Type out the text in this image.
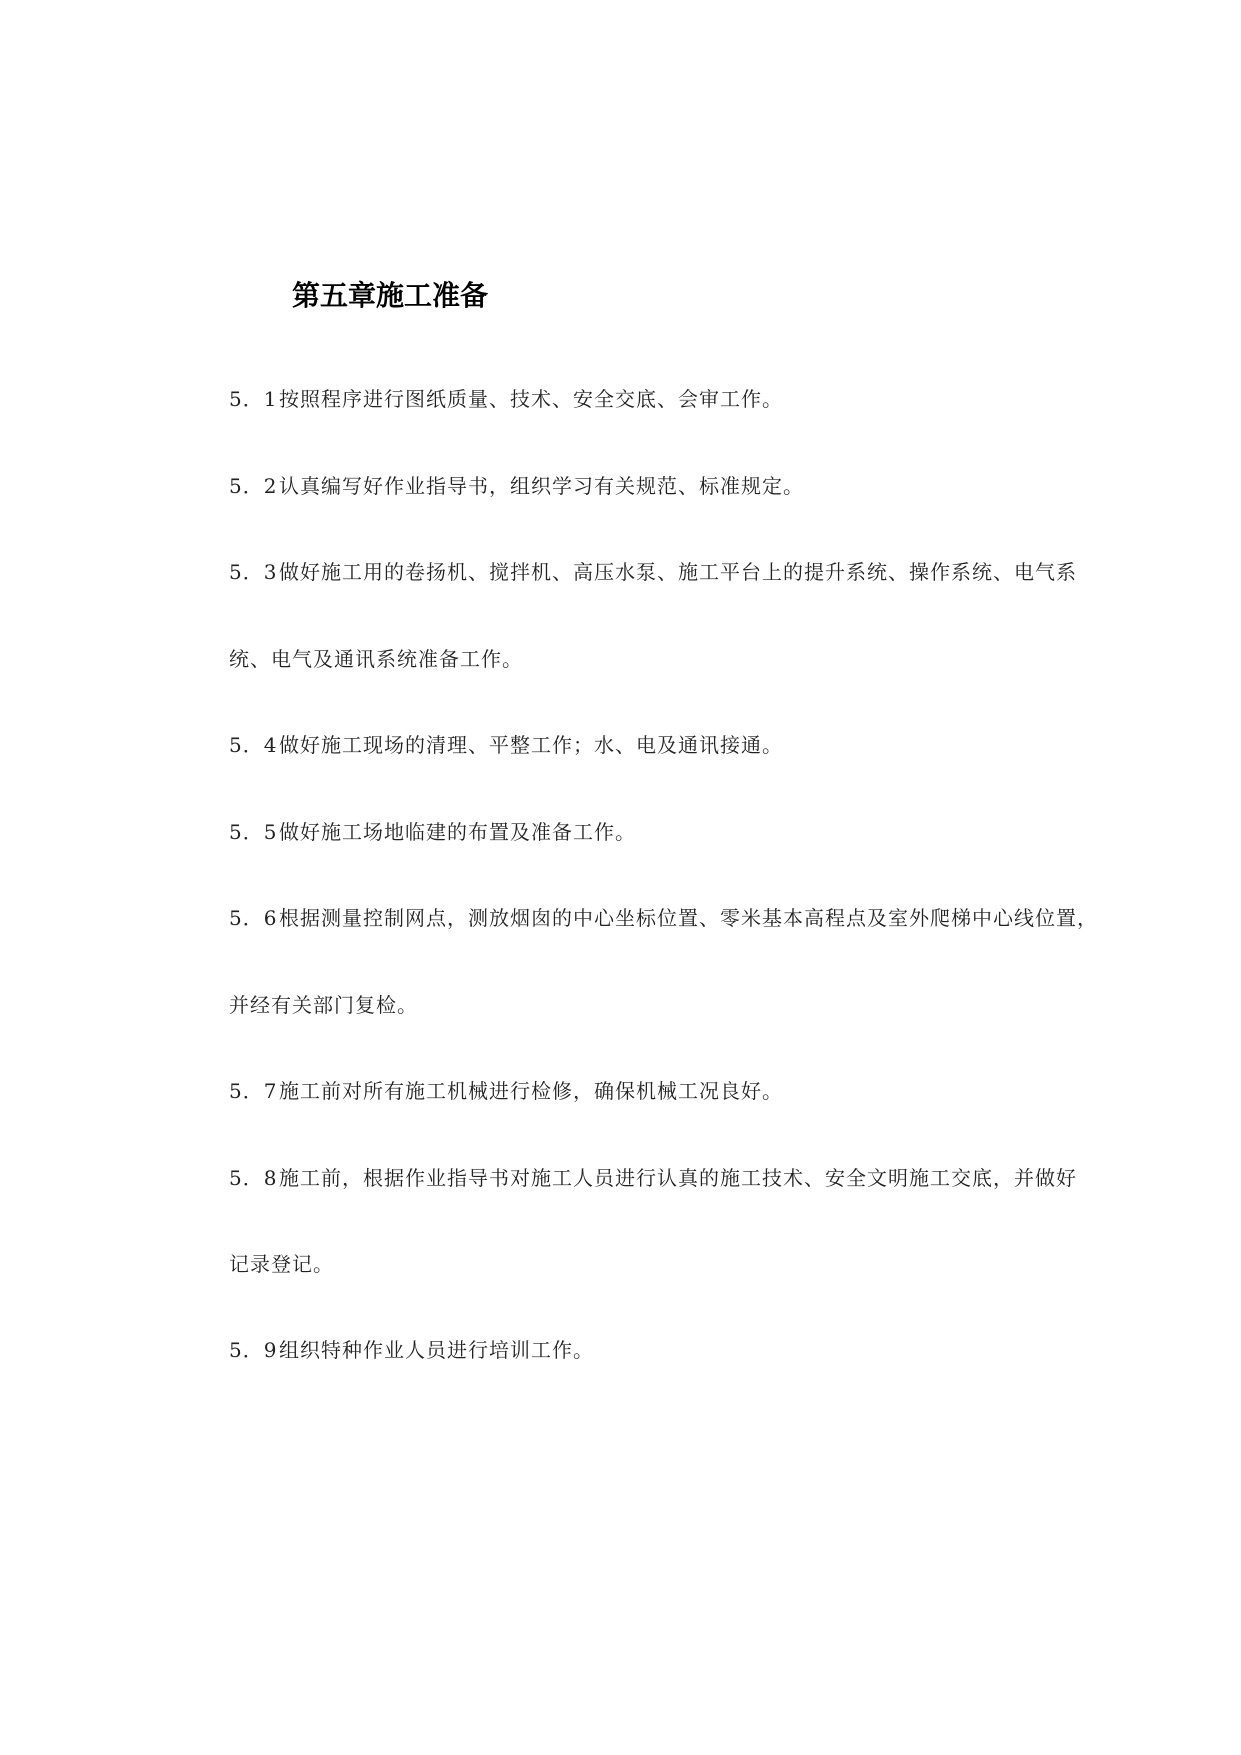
第五章施工准备
5．1按照程序进行图纸质量、技术、安全交底、会审工作。
5．2认真编写好作业指导书，组织学习有关规范、标准规定。
5．3做好施工用的卷扬机、搅拌机、高压水泵、施工平台上的提升系统、操作系统、电气系
统、电气及通讯系统准备工作。
5．4做好施工现场的清理、平整工作；水、电及通讯接通。
5．5做好施工场地临建的布置及准备工作。
5．6根据测量控制网点，测放烟囱的中心坐标位置、零米基本高程点及室外爬梯中心线位置，
并经有关部门复检。
5．7施工前对所有施工机械进行检修，确保机械工况良好。
5．8施工前，根据作业指导书对施工人员进行认真的施工技术、安全文明施工交底，并做好
记录登记。
5．9组织特种作业人员进行培训工作。
